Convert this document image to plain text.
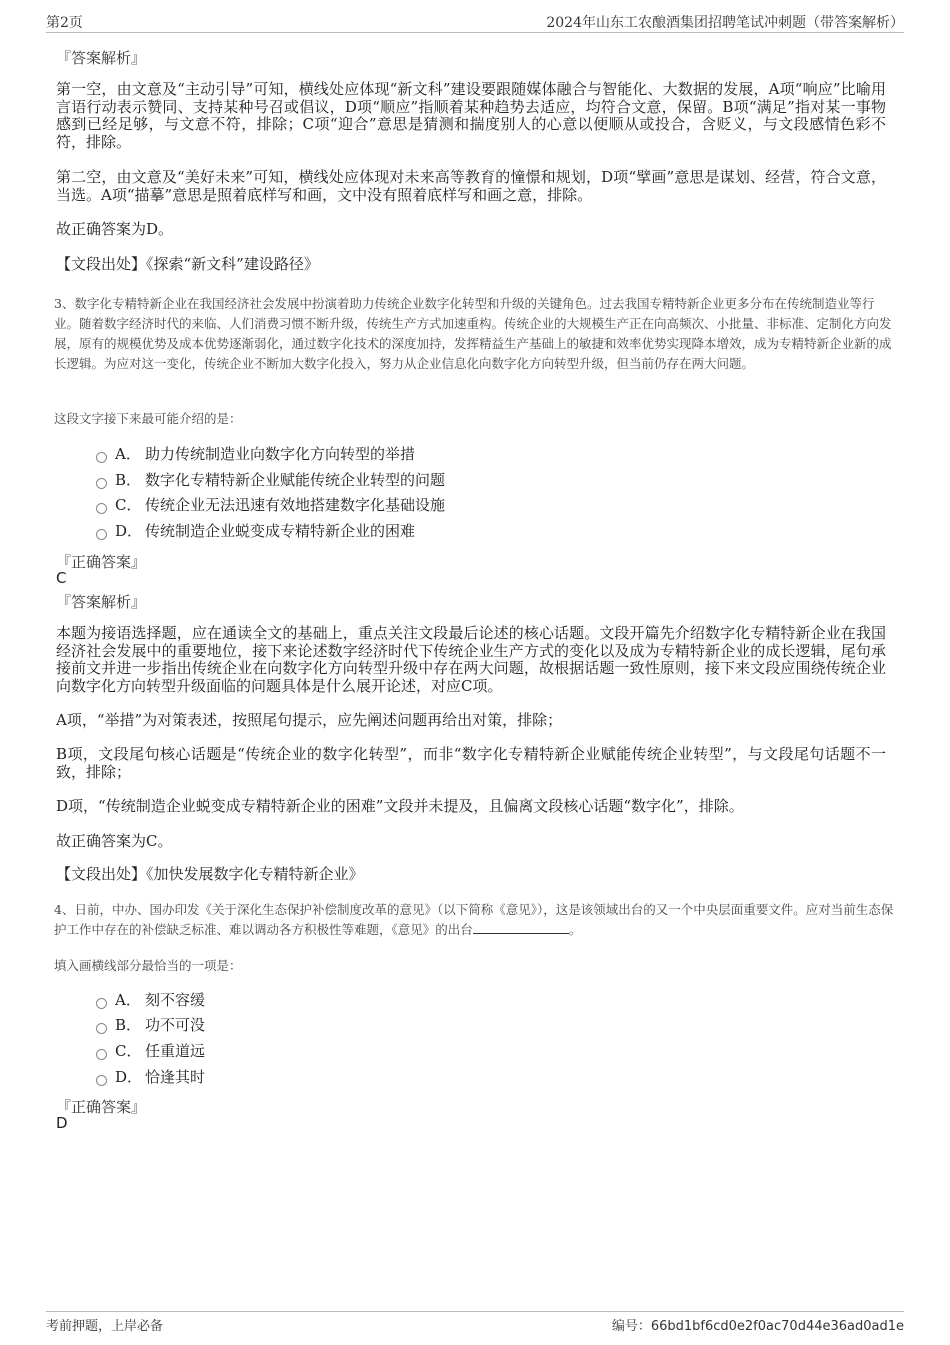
第2页	2024年山东工农酿酒集团招聘笔试冲刺题（带答案解析）
『答案解析』
第一空，由文意及“主动引导”可知，横线处应体现“新文科”建设要跟随媒体融合与智能化、大数据的发展，A项“响应”比喻用言语行动表示赞同、支持某种号召或倡议，D项“顺应”指顺着某种趋势去适应，均符合文意，保留。B项“满足”指对某一事物感到已经足够，与文意不符，排除；C项“迎合”意思是猜测和揣度别人的心意以便顺从或投合，含贬义，与文段感情色彩不符，排除。
第二空，由文意及“美好未来”可知，横线处应体现对未来高等教育的憧憬和规划，D项“擘画”意思是谋划、经营，符合文意，当选。A项“描摹”意思是照着底样写和画，文中没有照着底样写和画之意，排除。
故正确答案为D。
【文段出处】《探索“新文科”建设路径》
3、数字化专精特新企业在我国经济社会发展中扮演着助力传统企业数字化转型和升级的关键角色。过去我国专精特新企业更多分布在传统制造业等行业。随着数字经济时代的来临、人们消费习惯不断升级，传统生产方式加速重构。传统企业的大规模生产正在向高频次、小批量、非标准、定制化方向发展，原有的规模优势及成本优势逐渐弱化，通过数字化技术的深度加持，发挥精益生产基础上的敏捷和效率优势实现降本增效，成为专精特新企业新的成长逻辑。为应对这一变化，传统企业不断加大数字化投入，努力从企业信息化向数字化方向转型升级，但当前仍存在两大问题。
这段文字接下来最可能介绍的是：
A． 助力传统制造业向数字化方向转型的举措
B． 数字化专精特新企业赋能传统企业转型的问题
C． 传统企业无法迅速有效地搭建数字化基础设施
D． 传统制造企业蜕变成专精特新企业的困难
『正确答案』
C
『答案解析』
本题为接语选择题，应在通读全文的基础上，重点关注文段最后论述的核心话题。文段开篇先介绍数字化专精特新企业在我国经济社会发展中的重要地位，接下来论述数字经济时代下传统企业生产方式的变化以及成为专精特新企业的成长逻辑，尾句承接前文并进一步指出传统企业在向数字化方向转型升级中存在两大问题，故根据话题一致性原则，接下来文段应围绕传统企业向数字化方向转型升级面临的问题具体是什么展开论述，对应C项。
A项，“举措”为对策表述，按照尾句提示，应先阐述问题再给出对策，排除；
B项，文段尾句核心话题是“传统企业的数字化转型”，而非“数字化专精特新企业赋能传统企业转型”，与文段尾句话题不一致，排除；
D项，“传统制造企业蜕变成专精特新企业的困难”文段并未提及，且偏离文段核心话题“数字化”，排除。
故正确答案为C。
【文段出处】《加快发展数字化专精特新企业》
4、日前，中办、国办印发《关于深化生态保护补偿制度改革的意见》（以下简称《意见》），这是该领域出台的又一个中央层面重要文件。应对当前生态保护工作中存在的补偿缺乏标准、难以调动各方积极性等难题，《意见》的出台	。
填入画横线部分最恰当的一项是：
A． 刻不容缓
B． 功不可没
C． 任重道远
D． 恰逢其时
『正确答案』
D
考前押题，上岸必备	编号：66bd1bf6cd0e2f0ac70d44e36ad0ad1e
